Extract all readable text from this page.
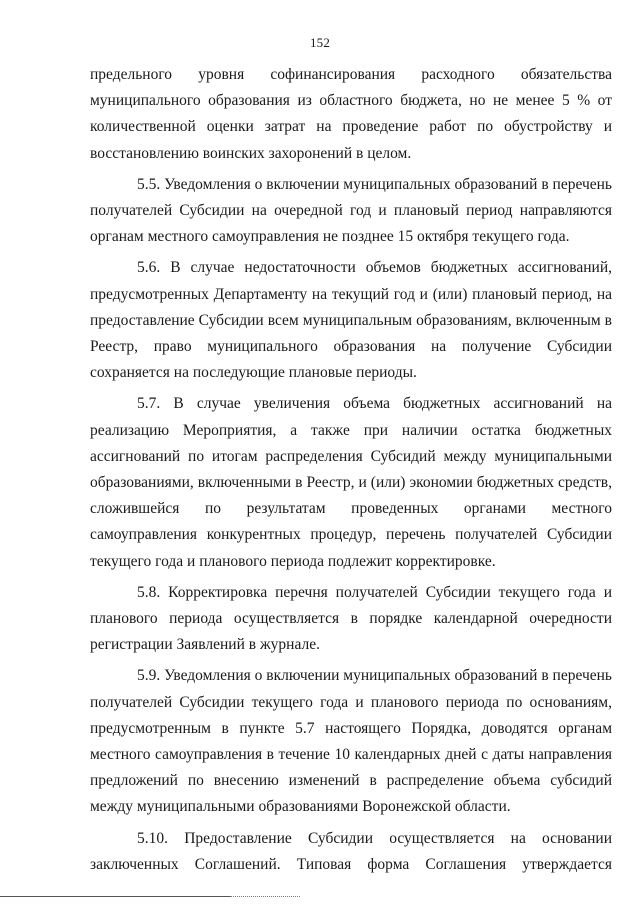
152

предельного уровня софинансирования расходного обязательства муниципального образования из областного бюджета, но не менее 5 % от количественной оценки затрат на проведение работ по обустройству и восстановлению воинских захоронений в целом.

5.5. Уведомления о включении муниципальных образований в перечень получателей Субсидии на очередной год и плановый период направляются органам местного самоуправления не позднее 15 октября текущего года.

5.6. В случае недостаточности объемов бюджетных ассигнований, предусмотренных Департаменту на текущий год и (или) плановый период, на предоставление Субсидии всем муниципальным образованиям, включенным в Реестр, право муниципального образования на получение Субсидии сохраняется на последующие плановые периоды.

5.7. В случае увеличения объема бюджетных ассигнований на реализацию Мероприятия, а также при наличии остатка бюджетных ассигнований по итогам распределения Субсидий между муниципальными образованиями, включенными в Реестр, и (или) экономии бюджетных средств, сложившейся по результатам проведенных органами местного самоуправления конкурентных процедур, перечень получателей Субсидии текущего года и планового периода подлежит корректировке.

5.8. Корректировка перечня получателей Субсидии текущего года и планового периода осуществляется в порядке календарной очередности регистрации Заявлений в журнале.

5.9. Уведомления о включении муниципальных образований в перечень получателей Субсидии текущего года и планового периода по основаниям, предусмотренным в пункте 5.7 настоящего Порядка, доводятся органам местного самоуправления в течение 10 календарных дней с даты направления предложений по внесению изменений в распределение объема субсидий между муниципальными образованиями Воронежской области.

5.10. Предоставление Субсидии осуществляется на основании заключенных Соглашений. Типовая форма Соглашения утверждается
